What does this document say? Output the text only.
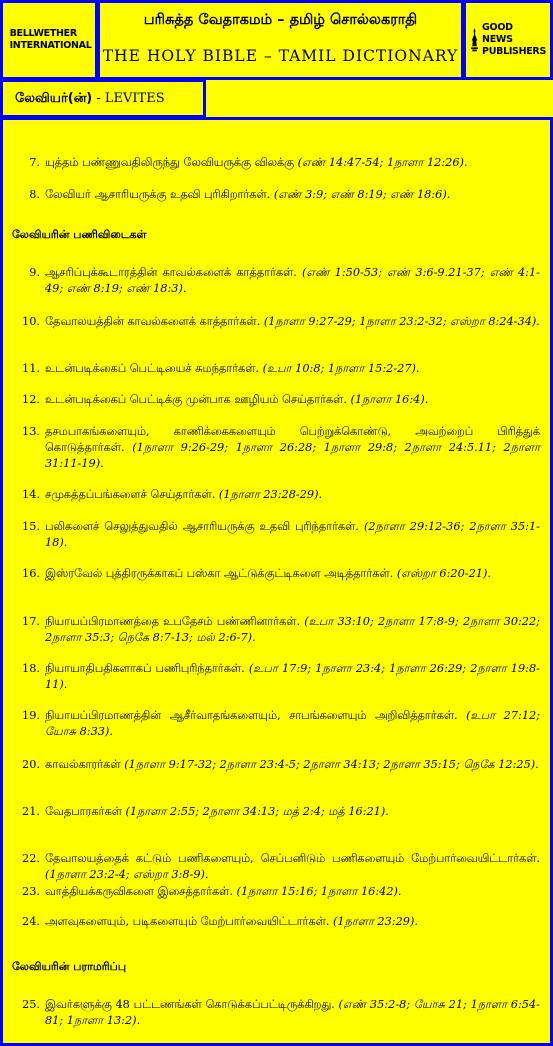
BELLWETHER
INTERNATIONAL
பரிசுத்த வேதாகமம் – தமிழ் சொல்லகராதி
THE HOLY BIBLE – TAMIL DICTIONARY
GOOD NEWS
PUBLISHERS
லேவியர்(ன்) - LEVITES
7. யுத்தம் பண்ணுவதிலிருந்து லேவியருக்கு விலக்கு (எண் 14:47-54; 1நாளா 12:26).
8. லேவியர் ஆசாரியருக்கு உதவி புரிகிறார்கள். (எண் 3:9; எண் 8:19; எண் 18:6).
லேவியரின் பணிவிடைகள்
9. ஆசரிப்புக்கூடாரத்தின் காவல்களைக் காத்தார்கள். (எண் 1:50-53; எண் 3:6-9.21-37; எண் 4:1-49; எண் 8:19; எண் 18:3).
10. தேவாலயத்தின் காவல்களைக் காத்தார்கள். (1நாளா 9:27-29; 1நாளா 23:2-32; எஸ்றா 8:24-34).
11. உடன்படிக்கைப் பெட்டியைச் சுமந்தார்கள். (உபா 10:8; 1நாளா 15:2-27).
12. உடன்படிக்கைப் பெட்டிக்கு முன்பாக ஊழியம் செய்தார்கள். (1நாளா 16:4).
13. தசமபாகங்களையும், காணிக்கைகளையும் பெற்றுக்கொண்டு, அவற்றைப் பிரித்துக் கொடுத்தார்கள். (1நாளா 9:26-29; 1நாளா 26:28; 1நாளா 29:8; 2நாளா 24:5.11; 2நாளா 31:11-19).
14. சமுகத்தப்பங்களைச் செய்தார்கள். (1நாளா 23:28-29).
15. பலிகளைச் செலுத்துவதில் ஆசாரியருக்கு உதவி புரிந்தார்கள். (2நாளா 29:12-36; 2நாளா 35:1-18).
16. இஸ்ரவேல் புத்திரருக்காகப் பஸ்கா ஆட்டுக்குட்டிகளை அடித்தார்கள். (எஸ்றா 6:20-21).
17. நியாயப்பிரமாணத்தை உபதேசம் பண்ணினார்கள். (உபா 33:10; 2நாளா 17:8-9; 2நாளா 30:22; 2நாளா 35:3; நெகே 8:7-13; மல் 2:6-7).
18. நியாயாதிபதிகளாகப் பணிபுரிந்தார்கள். (உபா 17:9; 1நாளா 23:4; 1நாளா 26:29; 2நாளா 19:8-11).
19. நியாயப்பிரமாணத்தின் ஆசீர்வாதங்களையும், சாபங்களையும் அறிவித்தார்கள். (உபா 27:12; யோசு 8:33).
20. காவல்காரர்கள் (1நாளா 9:17-32; 2நாளா 23:4-5; 2நாளா 34:13; 2நாளா 35:15; நெகே 12:25).
21. வேதபாரகர்கள் (1நாளா 2:55; 2நாளா 34:13; மத் 2:4; மத் 16:21).
22. தேவாலயத்தைக் கட்டும் பணிகளையும், செப்பனிடும் பணிகளையும் மேற்பார்வையிட்டார்கள். (1நாளா 23:2-4; எஸ்றா 3:8-9).
23. வாத்தியக்கருவிகளை இசைத்தார்கள். (1நாளா 15:16; 1நாளா 16:42).
24. அளவுகளையும், படிகளையும் மேற்பார்வையிட்டார்கள். (1நாளா 23:29).
லேவியரின் பராமரிப்பு
25. இவர்களுக்கு 48 பட்டணங்கள் கொடுக்கப்பட்டிருக்கிறது. (எண் 35:2-8; யோசு 21; 1நாளா 6:54-81; 1நாளா 13:2).
